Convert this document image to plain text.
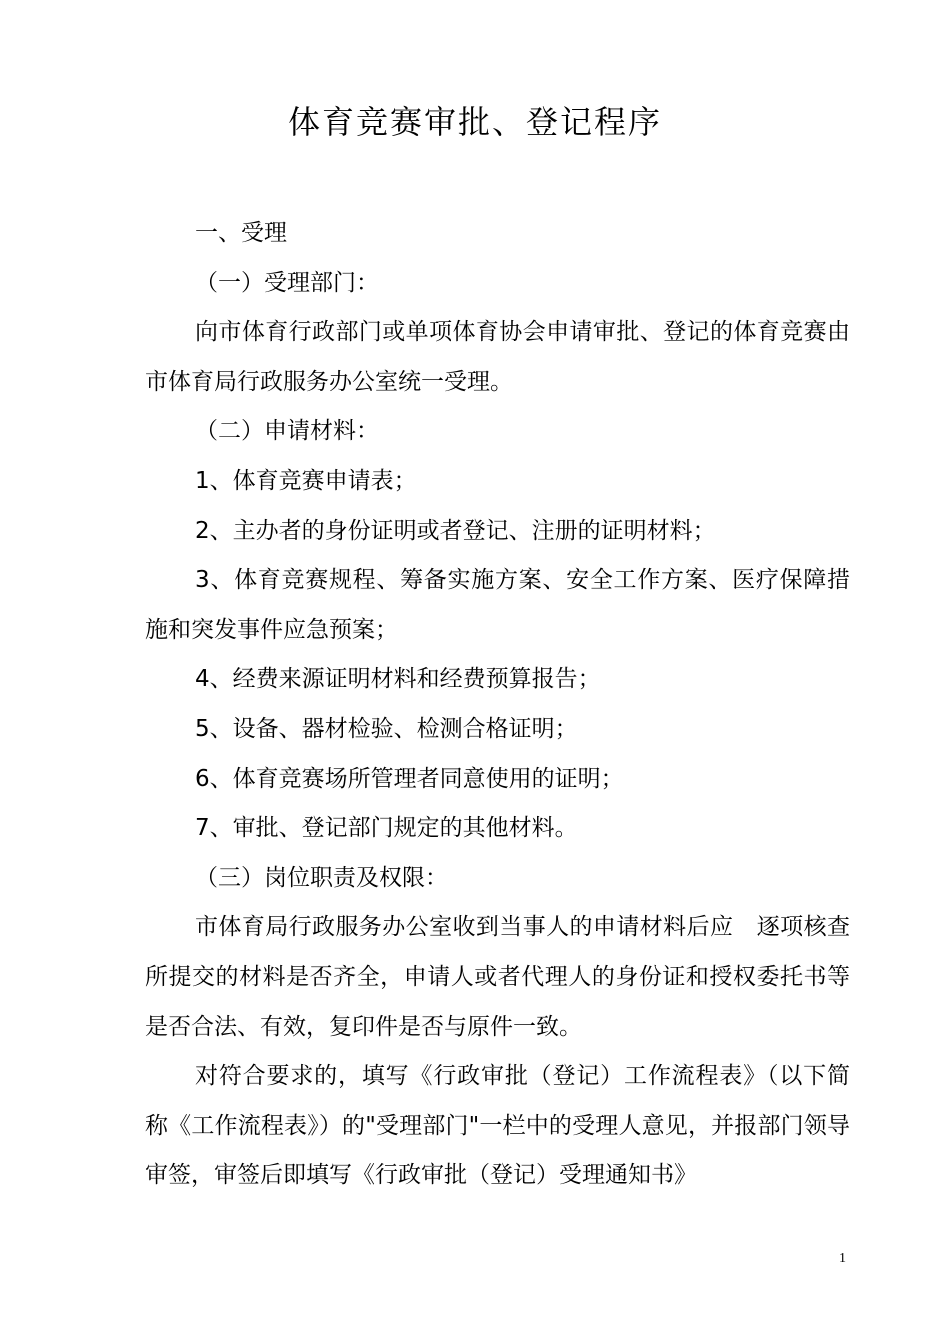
体育竞赛审批、登记程序

一、受理

（一）受理部门：

向市体育行政部门或单项体育协会申请审批、登记的体育竞赛由市体育局行政服务办公室统一受理。

（二）申请材料：

1、体育竞赛申请表；

2、主办者的身份证明或者登记、注册的证明材料；

3、体育竞赛规程、筹备实施方案、安全工作方案、医疗保障措施和突发事件应急预案；

4、经费来源证明材料和经费预算报告；

5、设备、器材检验、检测合格证明；

6、体育竞赛场所管理者同意使用的证明；

7、审批、登记部门规定的其他材料。

（三）岗位职责及权限：

市体育局行政服务办公室收到当事人的申请材料后应　逐项核查所提交的材料是否齐全，申请人或者代理人的身份证和授权委托书等是否合法、有效，复印件是否与原件一致。

对符合要求的，填写《行政审批（登记）工作流程表》（以下简称《工作流程表》）的"受理部门"一栏中的受理人意见，并报部门领导审签，审签后即填写《行政审批（登记）受理通知书》

1
